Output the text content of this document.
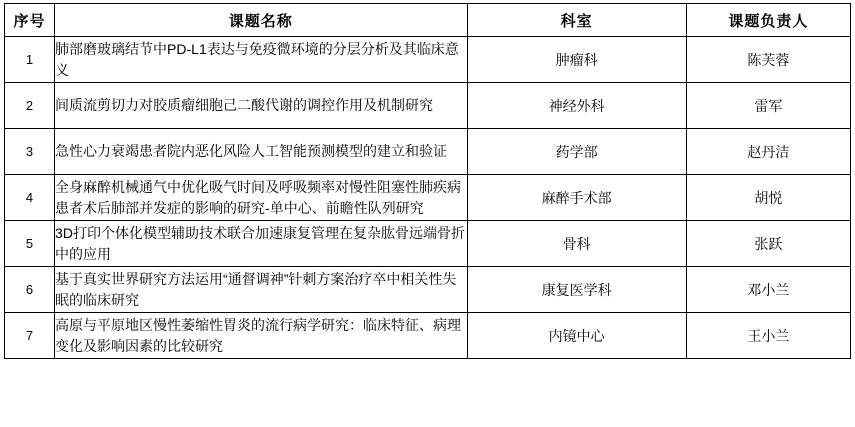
序号	课题名称	科室	课题负责人
1	肺部磨玻璃结节中PD-L1表达与免疫微环境的分层分析及其临床意义	肿瘤科	陈芙蓉
2	间质流剪切力对胶质瘤细胞己二酸代谢的调控作用及机制研究	神经外科	雷军
3	急性心力衰竭患者院内恶化风险人工智能预测模型的建立和验证	药学部	赵丹洁
4	全身麻醉机械通气中优化吸气时间及呼吸频率对慢性阻塞性肺疾病患者术后肺部并发症的影响的研究-单中心、前瞻性队列研究	麻醉手术部	胡悦
5	3D打印个体化模型辅助技术联合加速康复管理在复杂肱骨远端骨折中的应用	骨科	张跃
6	基于真实世界研究方法运用“通督调神”针刺方案治疗卒中相关性失眠的临床研究	康复医学科	邓小兰
7	高原与平原地区慢性萎缩性胃炎的流行病学研究：临床特征、病理变化及影响因素的比较研究	内镜中心	王小兰
